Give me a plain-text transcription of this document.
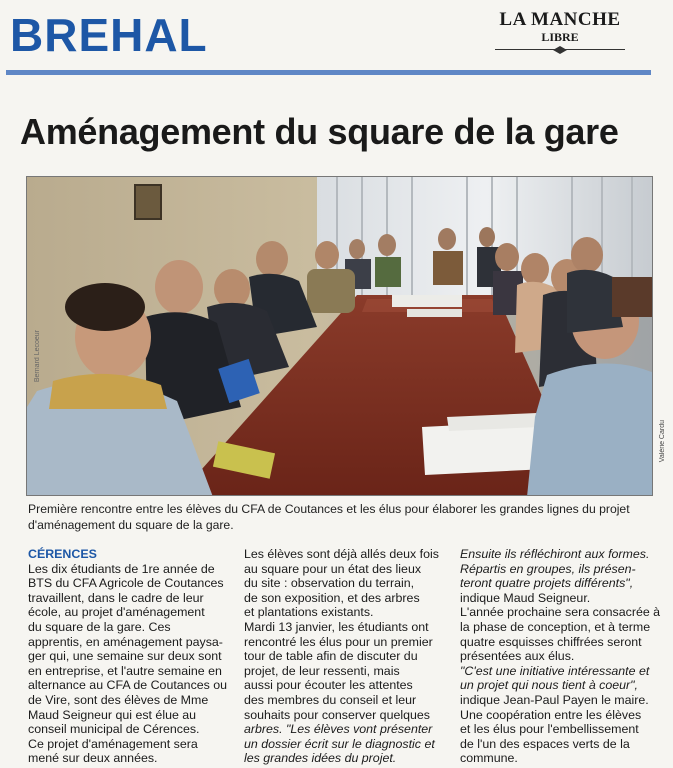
BREHAL	LA MANCHE
LIBRE
Aménagement du square de la gare
Bernard Lecoeur
Valérie Cardu
Première rencontre entre les élèves du CFA de Coutances et les élus pour élaborer les grandes lignes du projet
d'aménagement du square de la gare.
CÉRENCES
Les dix étudiants de 1re année de
BTS du CFA Agricole de Coutances
travaillent, dans le cadre de leur
école, au projet d'aménagement
du square de la gare. Ces
apprentis, en aménagement paysa-
ger qui, une semaine sur deux sont
en entreprise, et l'autre semaine en
alternance au CFA de Coutances ou
de Vire, sont des élèves de Mme
Maud Seigneur qui est élue au
conseil municipal de Cérences.
Ce projet d'aménagement sera
mené sur deux années.
Les élèves sont déjà allés deux fois
au square pour un état des lieux
du site : observation du terrain,
de son exposition, et des arbres
et plantations existants.
Mardi 13 janvier, les étudiants ont
rencontré les élus pour un premier
tour de table afin de discuter du
projet, de leur ressenti, mais
aussi pour écouter les attentes
des membres du conseil et leur
souhaits pour conserver quelques
arbres. "Les élèves vont présenter
un dossier écrit sur le diagnostic et
les grandes idées du projet.
Ensuite ils réfléchiront aux formes.
Répartis en groupes, ils présen-
teront quatre projets différents",
indique Maud Seigneur.
L'année prochaine sera consacrée à
la phase de conception, et à terme
quatre esquisses chiffrées seront
présentées aux élus.
"C'est une initiative intéressante et
un projet qui nous tient à coeur",
indique Jean-Paul Payen le maire.
Une coopération entre les élèves
et les élus pour l'embellissement
de l'un des espaces verts de la
commune.
